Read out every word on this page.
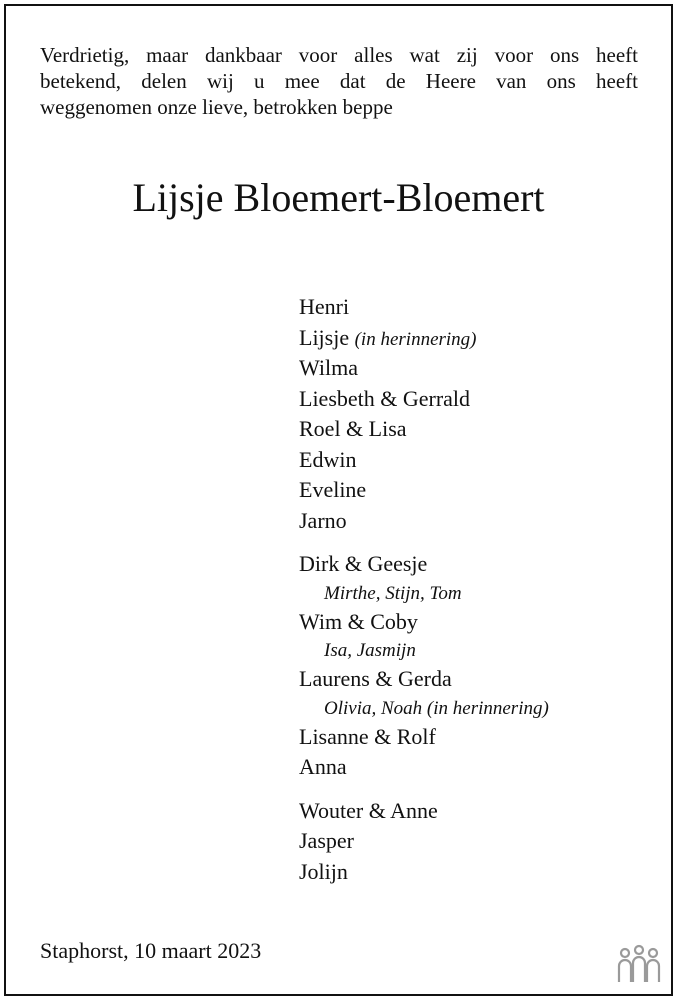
Verdrietig, maar dankbaar voor alles wat zij voor ons heeft
betekend, delen wij u mee dat de Heere van ons heeft
weggenomen onze lieve, betrokken beppe
Lijsje Bloemert-Bloemert
Henri
Lijsje (in herinnering)
Wilma
Liesbeth & Gerrald
Roel & Lisa
Edwin
Eveline
Jarno
Dirk & Geesje
Mirthe, Stijn, Tom
Wim & Coby
Isa, Jasmijn
Laurens & Gerda
Olivia, Noah (in herinnering)
Lisanne & Rolf
Anna
Wouter & Anne
Jasper
Jolijn
Staphorst, 10 maart 2023
